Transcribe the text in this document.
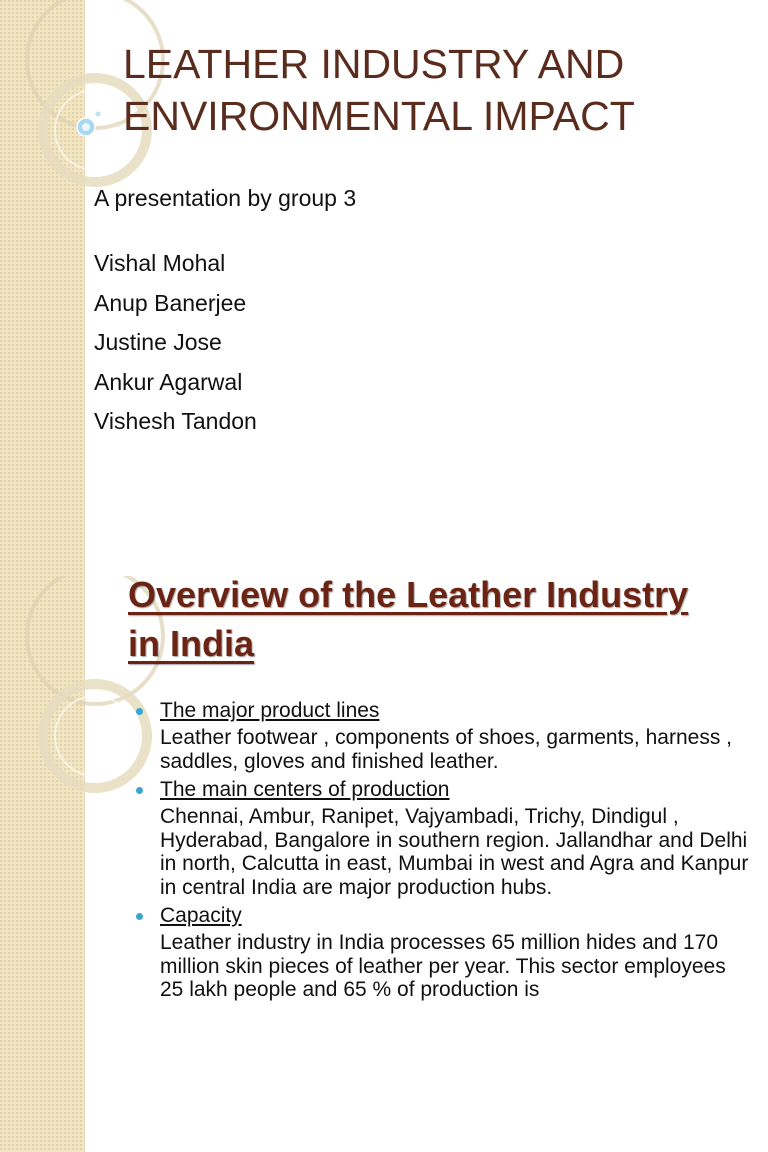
LEATHER INDUSTRY AND ENVIRONMENTAL IMPACT

A presentation by group 3

Vishal Mohal

Anup Banerjee

Justine Jose

Ankur Agarwal

Vishesh Tandon

Overview of the Leather Industry in India
The major product lines
Leather footwear , components of shoes, garments, harness , saddles, gloves and finished leather.
The main centers of production
Chennai, Ambur, Ranipet, Vajyambadi, Trichy, Dindigul , Hyderabad, Bangalore in southern region. Jallandhar and Delhi in north, Calcutta in east, Mumbai in west and Agra and Kanpur in central India are major production hubs.
Capacity
Leather industry in India processes 65 million hides and 170 million skin pieces of leather per year. This sector employees 25 lakh people and 65 % of production is
